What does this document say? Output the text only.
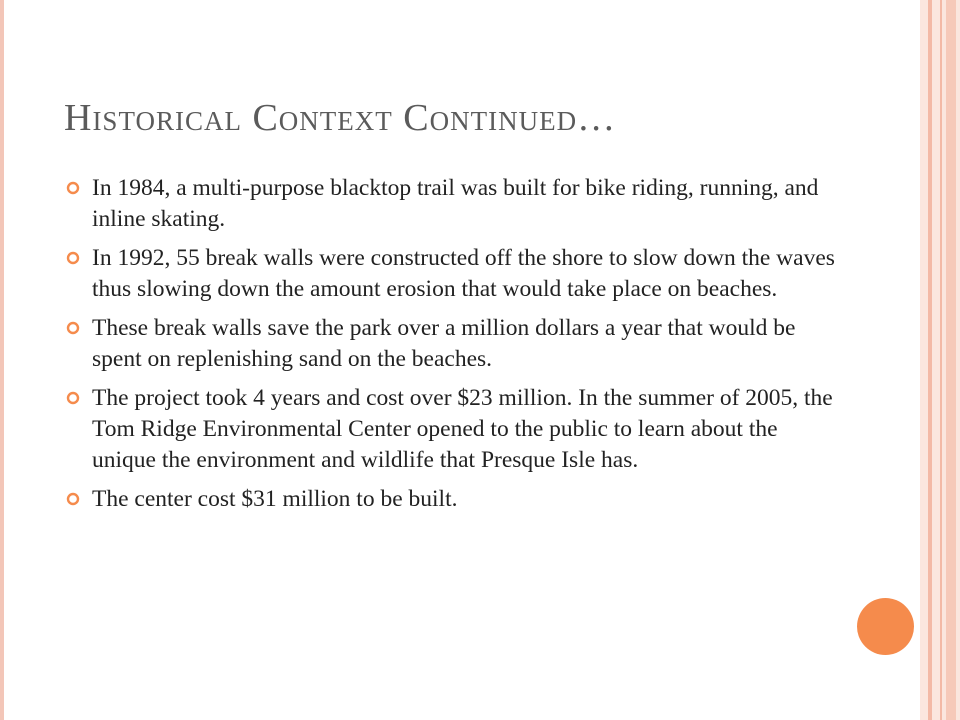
Historical Context Continued…
In 1984, a multi-purpose blacktop trail was built for bike riding, running, and inline skating.
In 1992, 55 break walls were constructed off the shore to slow down the waves thus slowing down the amount erosion that would take place on beaches.
These break walls save the park over a million dollars a year that would be spent on replenishing sand on the beaches.
The project took 4 years and cost over $23 million. In the summer of 2005, the Tom Ridge Environmental Center opened to the public to learn about the unique the environment and wildlife that Presque Isle has.
The center cost $31 million to be built.
